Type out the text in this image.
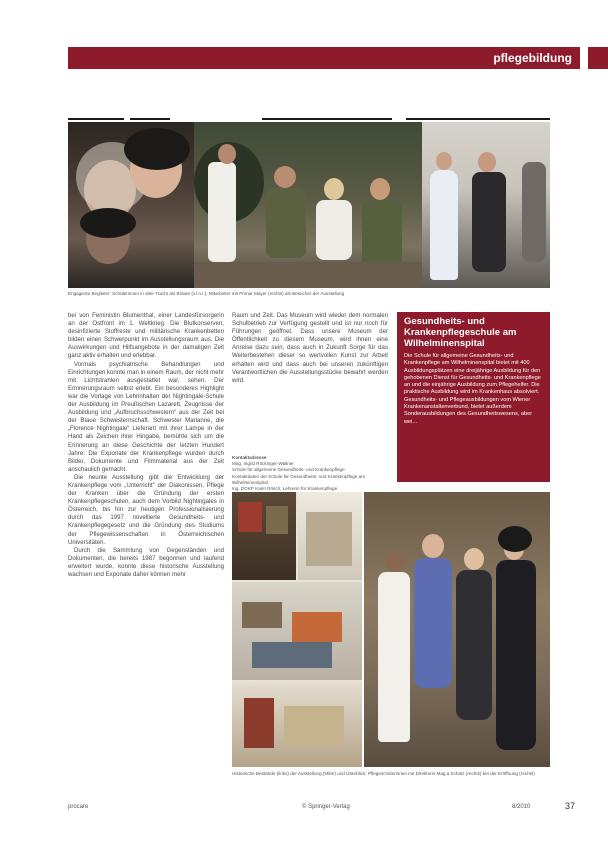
pflegebildung
Engagierte Begleiter: Schülerinnen in alter Tracht als Bräute (v.l.n.r.), Mitarbeiter mit Primar Mayer (rechts) als Besucher der Ausstellung

bei von Feministin Blumenthal, einer Landesfürsorgerin an der Ostfront im 1. Weltkrieg. Die Blutkonserven, desinfizierte Stoffreste und militärische Krankenbetten bilden einen Schwerpunkt im Ausstellungsraum aus. Die Auswirkungen und Hilfsangebote in der damaligen Zeit ganz aktiv erhalten und erlebbar.

Vormals psychiatrische Behandlungen und Einrichtungen konnte man in einem Raum, der nicht mehr mit Lichtstrahlen ausgestattet war, sehen. Der Erinnerungsraum selbst erlebt. Ein besonderes Highlight war die Vorlage von Lehrinhalten der Nightingale-Schule der Ausbildung im Preußischen Lazarett, Zeugnisse der Ausbildung und „Aufbruchsschwestern“ aus der Zeit bei der Blaue Schwesternschaft. Schwester Marianne, die „Florence Nightingale“ Lieferant mit ihrer Lampe in der Hand als Zeichen ihrer Hingabe, bemühte sich um die Erinnerung an diese Geschichte der letzten Hundert Jahre. Die Exponate der Krankenpflege wurden durch Bilder, Dokumente und Filmmaterial aus der Zeit anschaulich gemacht.

Die neunte Ausstellung gibt die Entwicklung der Krankenpflege vom „Unterricht“ der Diakonissen, Pflege der Kranken über die Gründung der ersten Krankenpflegeschulen, auch dem Vorbild Nightingales in Österreich, bis hin zur heutigen Professionalisierung durch das 1997 novellierte Gesundheits- und Krankenpflegegesetz und die Gründung des Studiums der Pflegewissenschaften in Österreichischen Universitäten.

Durch die Sammlung von Gegenständen und Dokumenten, die bereits 1987 begonnen und laufend erweitert wurde, konnte diese historische Ausstellung wachsen und Exponate daher können mehr

Raum und Zeit. Das Museum wird wieder dem normalen Schulbetrieb zur Verfügung gestellt und ist nur noch für Führungen geöffnet. Dass unsere Museum der Öffentlichkeit zu diesem Museum, wird ihnen eine Anreise dazu sein, dass auch in Zukunft Sorge für das Weiterbestehen dieser so wertvollen Kunst zur Arbeit erhalten wird und dass auch bei unseren zukünftigen Verantwortlichen die Ausstellungsstücke bewahrt werden wird.

Gesundheits- und Krankenpflegeschule am Wilhelminenspital

Die Schule für allgemeine Gesundheits- und Krankenpflege am Wilhelminenspital bietet mit 400 Ausbildungsplätzen eine dreijährige Ausbildung für den gehobenen Dienst für Gesundheits- und Krankenpflege an und die einjährige Ausbildung zum Pflegehelfer. Die praktische Ausbildung wird im Krankenhaus absolviert. Gesundheits- und Pflegeausbildungen vom Wiener Krankenanstaltenverbund, bietet außerdem Sonderausbildungen des Gesundheitswesens, aber wei...

Kontaktadresse
Mag. Ingrid Röckinger-Wallner
Schule für allgemeine Gesundheits- und Krankenpflege
Kontaktdaten der Schule für Gesundheits- und Krankenpflege am Wilhelminenspital
Ing. DGKP Karin Rösch, Lehrerin für Krankenpflege
Historische Bestände (links) der Ausstellung (Mitte) und Überblick; Pflegeschülerinnen mit Direktorin Mag.a Schütz (rechts) bei der Eröffnung (rechts)
procare	© Springer-Verlag	8/2010	37
